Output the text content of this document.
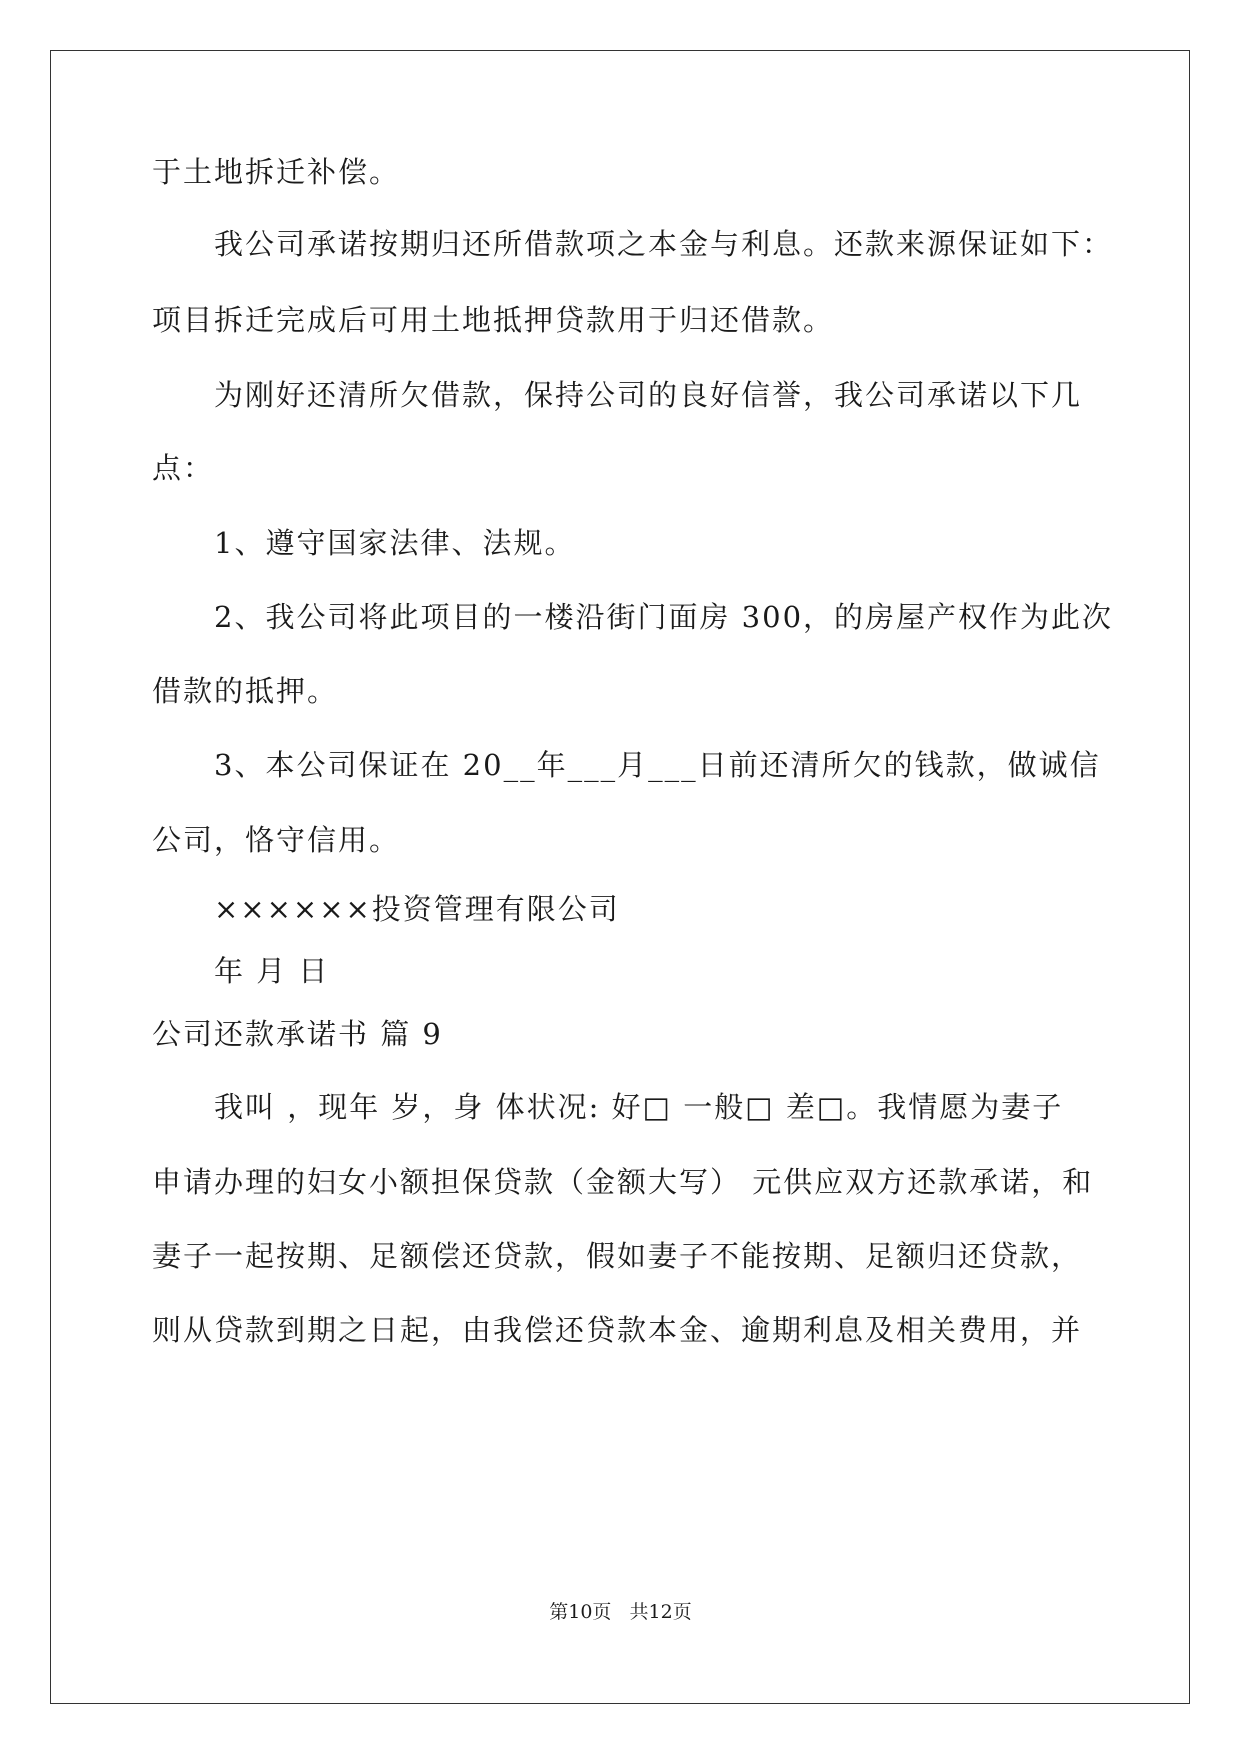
于土地拆迁补偿。
我公司承诺按期归还所借款项之本金与利息。还款来源保证如下：
项目拆迁完成后可用土地抵押贷款用于归还借款。
为刚好还清所欠借款，保持公司的良好信誉，我公司承诺以下几
点：
1、遵守国家法律、法规。
2、我公司将此项目的一楼沿街门面房 300，的房屋产权作为此次
借款的抵押。
3、本公司保证在 20__年___月___日前还清所欠的钱款，做诚信
公司，恪守信用。
××××××投资管理有限公司
年 月 日
公司还款承诺书 篇 9
我叫 ，现年 岁，身 体状况: 好□ 一般□ 差□。我情愿为妻子
申请办理的妇女小额担保贷款（金额大写） 元供应双方还款承诺，和
妻子一起按期、足额偿还贷款，假如妻子不能按期、足额归还贷款，
则从贷款到期之日起，由我偿还贷款本金、逾期利息及相关费用，并
第10页   共12页
